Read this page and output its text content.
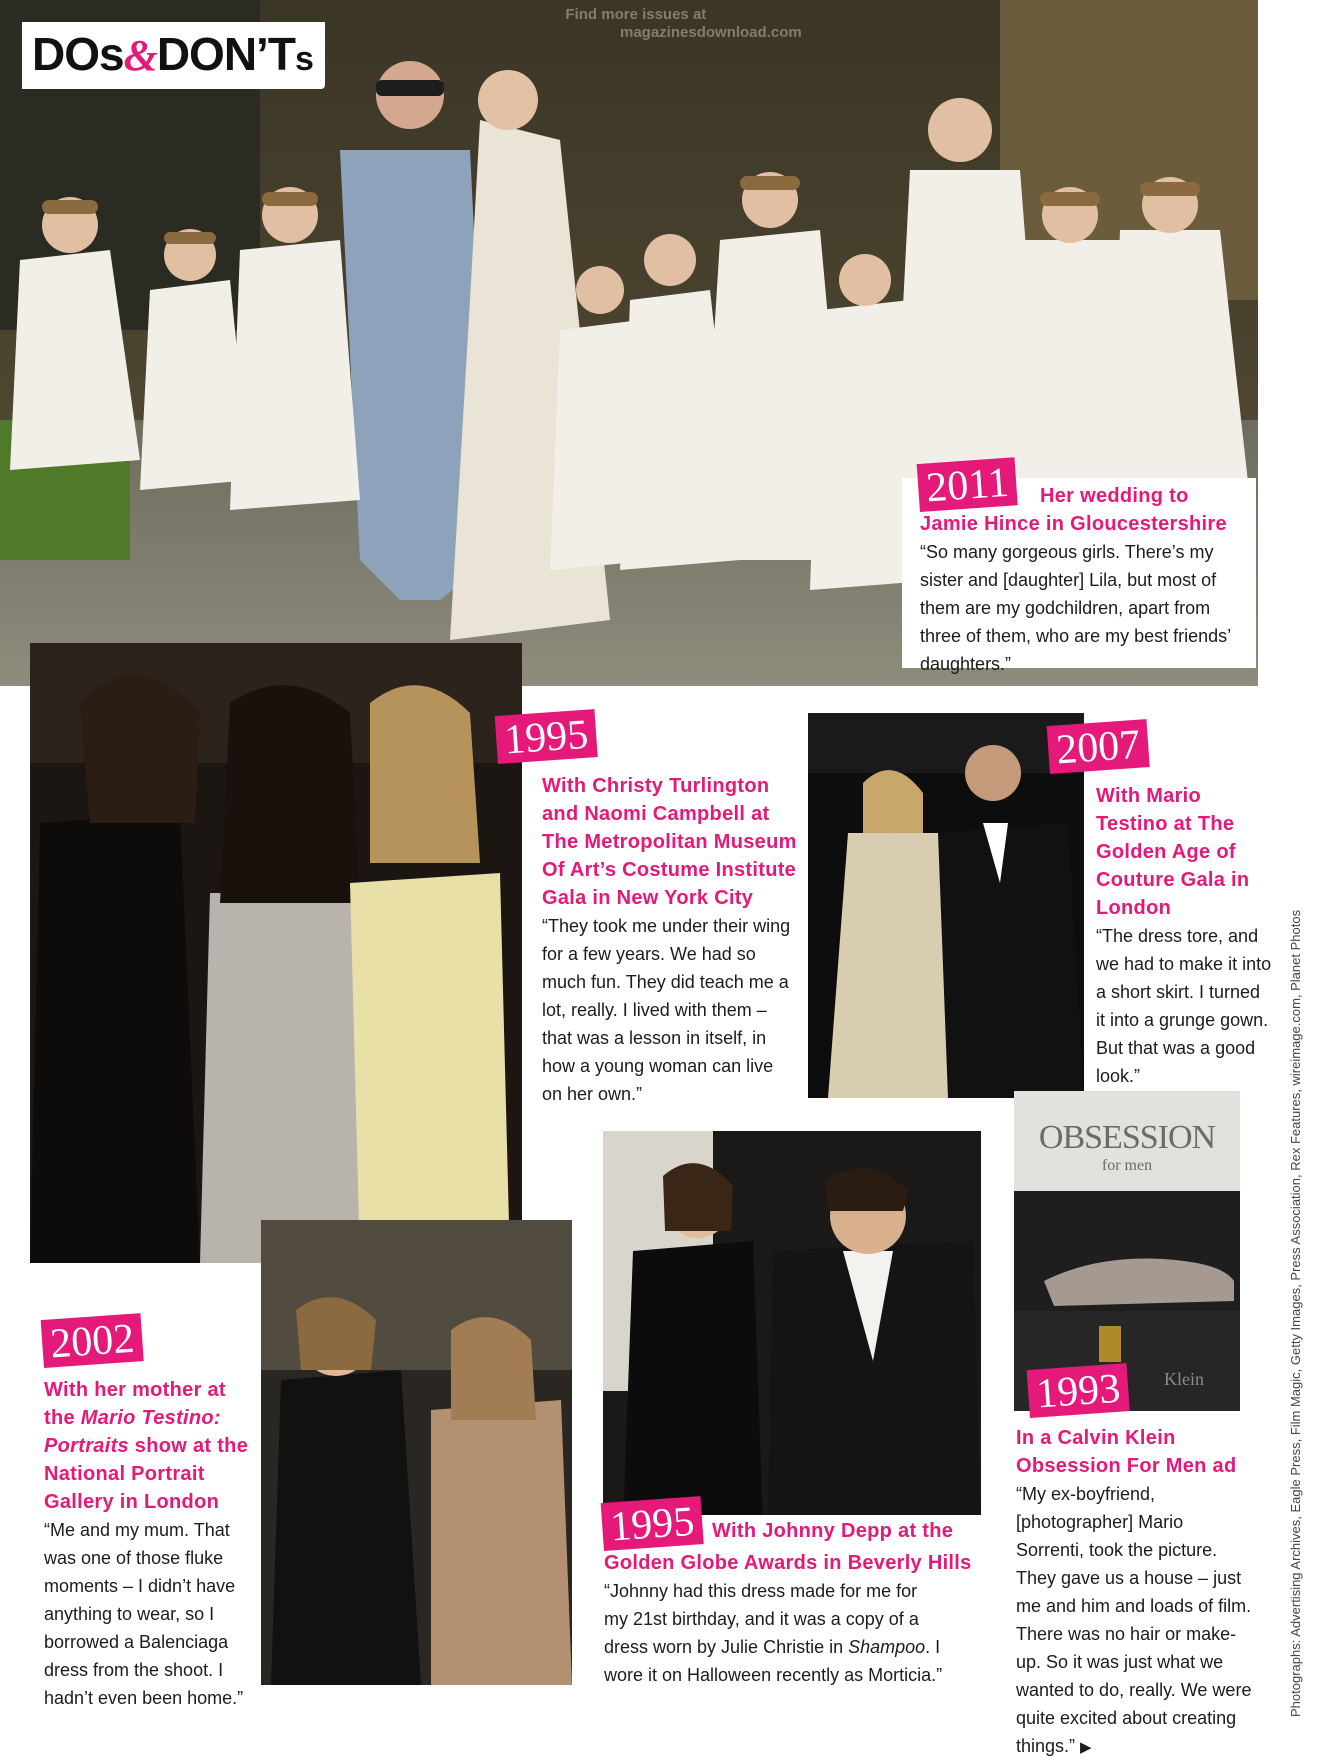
OBSESSION
for men
Klein
DOs&DON’Ts
Find more issues at
magazinesdownload.com
2011 Her wedding to
Jamie Hince in Gloucestershire
“So many gorgeous girls. There’s my sister and [daughter] Lila, but most of them are my godchildren, apart from three of them, who are my best friends’ daughters.”
1995
With Christy Turlington and Naomi Campbell at The Metropolitan Museum Of Art’s Costume Institute Gala in New York City
“They took me under their wing for a few years. We had so much fun. They did teach me a lot, really. I lived with them – that was a lesson in itself, in how a young woman can live on her own.”
2007
With Mario Testino at The Golden Age of Couture Gala in London
“The dress tore, and we had to make it into a short skirt. I turned it into a grunge gown. But that was a good look.”
2002
With her mother at the Mario Testino: Portraits show at the National Portrait Gallery in London
“Me and my mum. That was one of those fluke moments – I didn’t have anything to wear, so I borrowed a Balenciaga dress from the shoot. I hadn’t even been home.”
1995 With Johnny Depp at the
Golden Globe Awards in Beverly Hills
“Johnny had this dress made for me for my 21st birthday, and it was a copy of a dress worn by Julie Christie in Shampoo. I wore it on Halloween recently as Morticia.”
1993
In a Calvin Klein Obsession For Men ad
“My ex-boyfriend, [photographer] Mario Sorrenti, took the picture. They gave us a house – just me and him and loads of film. There was no hair or make-up. So it was just what we wanted to do, really. We were quite excited about creating things.” ▶
Photographs: Advertising Archives, Eagle Press, Film Magic, Getty Images, Press Association, Rex Features, wireimage.com, Planet Photos
